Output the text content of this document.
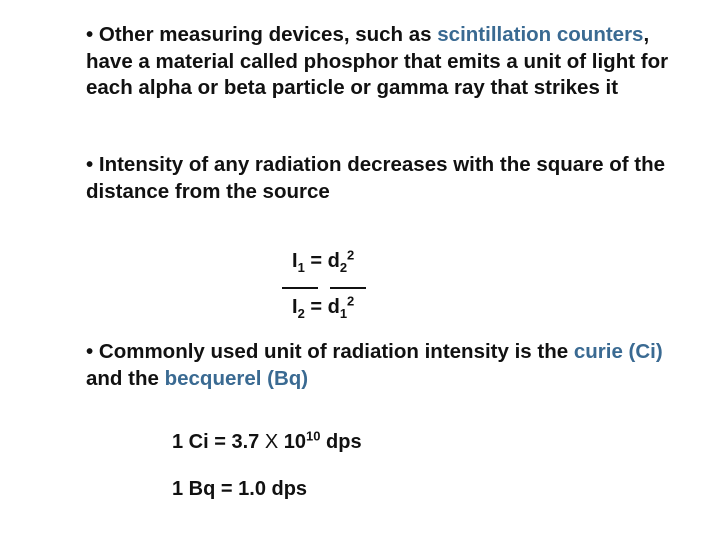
• Other measuring devices, such as scintillation counters, have a material called phosphor that emits a unit of light for each alpha or beta particle or gamma ray that strikes it
• Intensity of any radiation decreases with the square of the distance from the source
$I_1 = d_2^2$
$I_2 = d_1^2$
• Commonly used unit of radiation intensity is the curie (Ci) and the becquerel (Bq)
1 Ci = 3.7 X $10^{10}$ dps
1 Bq = 1.0 dps
